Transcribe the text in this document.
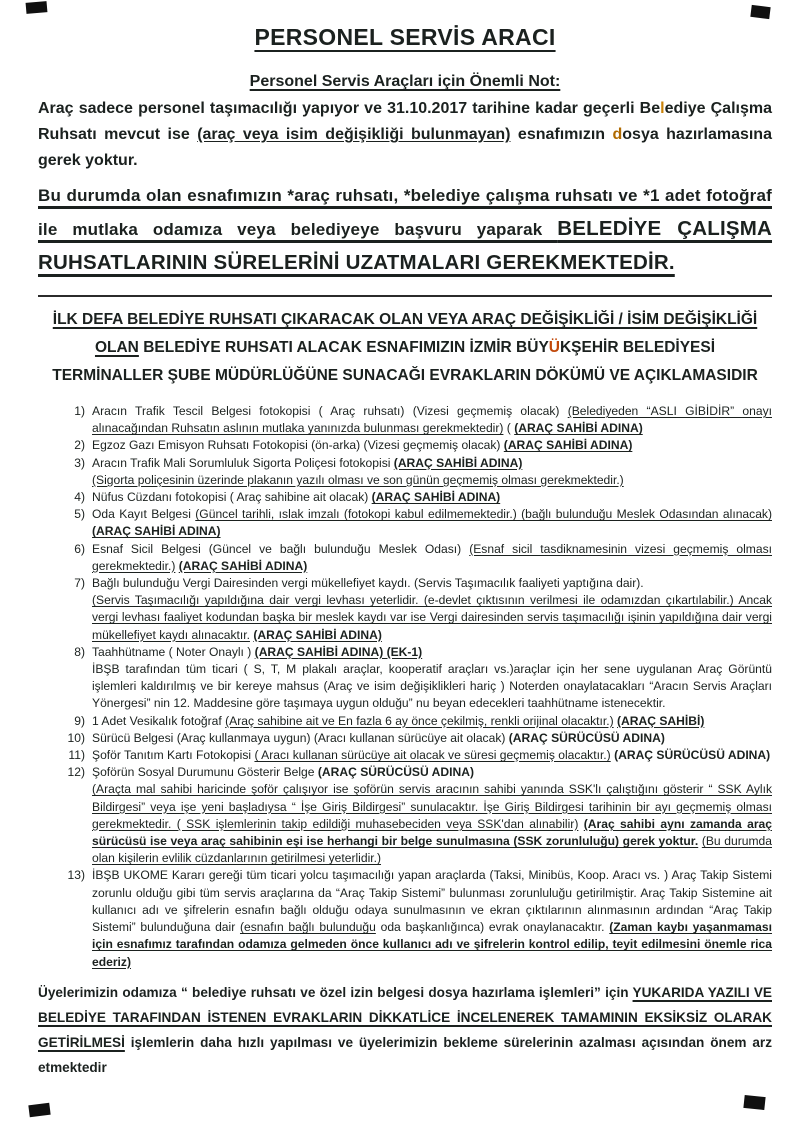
PERSONEL SERVİS ARACI
Personel Servis Araçları için Önemli Not:

Araç sadece personel taşımacılığı yapıyor ve 31.10.2017 tarihine kadar geçerli Belediye Çalışma Ruhsatı mevcut ise (araç veya isim değişikliği bulunmayan) esnafımızın dosya hazırlamasına gerek yoktur.

Bu durumda olan esnafımızın *araç ruhsatı, *belediye çalışma ruhsatı ve *1 adet fotoğraf ile mutlaka odamıza veya belediyeye başvuru yaparak BELEDİYE ÇALIŞMA RUHSATLARININ SÜRELERİNİ UZATMALARI GEREKMEKTEDİR.

İLK DEFA BELEDİYE RUHSATI ÇIKARACAK OLAN VEYA ARAÇ DEĞİŞİKLİĞİ / İSİM DEĞİŞİKLİĞİ OLAN BELEDİYE RUHSATI ALACAK ESNAFIMIZIN İZMİR BÜYÜKŞEHİR BELEDİYESİ TERMİNALLER ŞUBE MÜDÜRLÜĞÜNE SUNACAĞI EVRAKLARIN DÖKÜMÜ VE AÇIKLAMASIDIR

1) Aracın Trafik Tescil Belgesi fotokopisi ( Araç ruhsatı) (Vizesi geçmemiş olacak) (Belediyeden “ASLI GİBİDİR” onayı alınacağından Ruhsatın aslının mutlaka yanınızda bulunması gerekmektedir) ( (ARAÇ SAHİBİ ADINA)
2) Egzoz Gazı Emisyon Ruhsatı Fotokopisi (ön-arka) (Vizesi geçmemiş olacak) (ARAÇ SAHİBİ ADINA)
3) Aracın Trafik Mali Sorumluluk Sigorta Poliçesi fotokopisi (ARAÇ SAHİBİ ADINA)
(Sigorta poliçesinin üzerinde plakanın yazılı olması ve son günün geçmemiş olması gerekmektedir.)
4) Nüfus Cüzdanı fotokopisi ( Araç sahibine ait olacak) (ARAÇ SAHİBİ ADINA)
5) Oda Kayıt Belgesi (Güncel tarihli, ıslak imzalı (fotokopi kabul edilmemektedir.) (bağlı bulunduğu Meslek Odasından alınacak) (ARAÇ SAHİBİ ADINA)
6) Esnaf Sicil Belgesi (Güncel ve bağlı bulunduğu Meslek Odası) (Esnaf sicil tasdiknamesinin vizesi geçmemiş olması gerekmektedir.) (ARAÇ SAHİBİ ADINA)
7) Bağlı bulunduğu Vergi Dairesinden vergi mükellefiyet kaydı. (Servis Taşımacılık faaliyeti yaptığına dair).
(Servis Taşımacılığı yapıldığına dair vergi levhası yeterlidir. (e-devlet çıktısının verilmesi ile odamızdan çıkartılabilir.) Ancak vergi levhası faaliyet kodundan başka bir meslek kaydı var ise Vergi dairesinden servis taşımacılığı işinin yapıldığına dair vergi mükellefiyet kaydı alınacaktır. (ARAÇ SAHİBİ ADINA)
8) Taahhütname ( Noter Onaylı ) (ARAÇ SAHİBİ ADINA) (EK-1)
İBŞB tarafından tüm ticari ( S, T, M plakalı araçlar, kooperatif araçları vs.)araçlar için her sene uygulanan Araç Görüntü işlemleri kaldırılmış ve bir kereye mahsus (Araç ve isim değişiklikleri hariç ) Noterden onaylatacakları “Aracın Servis Araçları Yönergesi” nin 12. Maddesine göre taşımaya uygun olduğu” nu beyan edecekleri taahhütname istenecektir.
9) 1 Adet Vesikalık fotoğraf (Araç sahibine ait ve En fazla 6 ay önce çekilmiş, renkli orijinal olacaktır.) (ARAÇ SAHİBİ)
10) Sürücü Belgesi (Araç kullanmaya uygun) (Aracı kullanan sürücüye ait olacak) (ARAÇ SÜRÜCÜSÜ ADINA)
11) Şoför Tanıtım Kartı Fotokopisi ( Aracı kullanan sürücüye ait olacak ve süresi geçmemiş olacaktır.) (ARAÇ SÜRÜCÜSÜ ADINA)
12) Şoförün Sosyal Durumunu Gösterir Belge (ARAÇ SÜRÜCÜSÜ ADINA)
(Araçta mal sahibi haricinde şoför çalışıyor ise şoförün servis aracının sahibi yanında SSK'lı çalıştığını gösterir “ SSK Aylık Bildirgesi” veya işe yeni başladıysa “ İşe Giriş Bildirgesi” sunulacaktır. İşe Giriş Bildirgesi tarihinin bir ayı geçmemiş olması gerekmektedir. ( SSK işlemlerinin takip edildiği muhasebeciden veya SSK'dan alınabilir) (Araç sahibi aynı zamanda araç sürücüsü ise veya araç sahibinin eşi ise herhangi bir belge sunulmasına (SSK zorunluluğu) gerek yoktur. (Bu durumda olan kişilerin evlilik cüzdanlarının getirilmesi yeterlidir.)
13) İBŞB UKOME Kararı gereği tüm ticari yolcu taşımacılığı yapan araçlarda (Taksi, Minibüs, Koop. Aracı vs. ) Araç Takip Sistemi zorunlu olduğu gibi tüm servis araçlarına da “Araç Takip Sistemi” bulunması zorunluluğu getirilmiştir. Araç Takip Sistemine ait kullanıcı adı ve şifrelerin esnafın bağlı olduğu odaya sunulmasının ve ekran çıktılarının alınmasının ardından “Araç Takip Sistemi” bulunduğuna dair (esnafın bağlı bulunduğu oda başkanlığınca) evrak onaylanacaktır. (Zaman kaybı yaşanmaması için esnafımız tarafından odamıza gelmeden önce kullanıcı adı ve şifrelerin kontrol edilip, teyit edilmesini önemle rica ederiz)

Üyelerimizin odamıza “ belediye ruhsatı ve özel izin belgesi dosya hazırlama işlemleri” için YUKARIDA YAZILI VE BELEDİYE TARAFINDAN İSTENEN EVRAKLARIN DİKKATLİCE İNCELENEREK TAMAMININ EKSİKSİZ OLARAK GETİRİLMESİ işlemlerin daha hızlı yapılması ve üyelerimizin bekleme sürelerinin azalması açısından önem arz etmektedir
